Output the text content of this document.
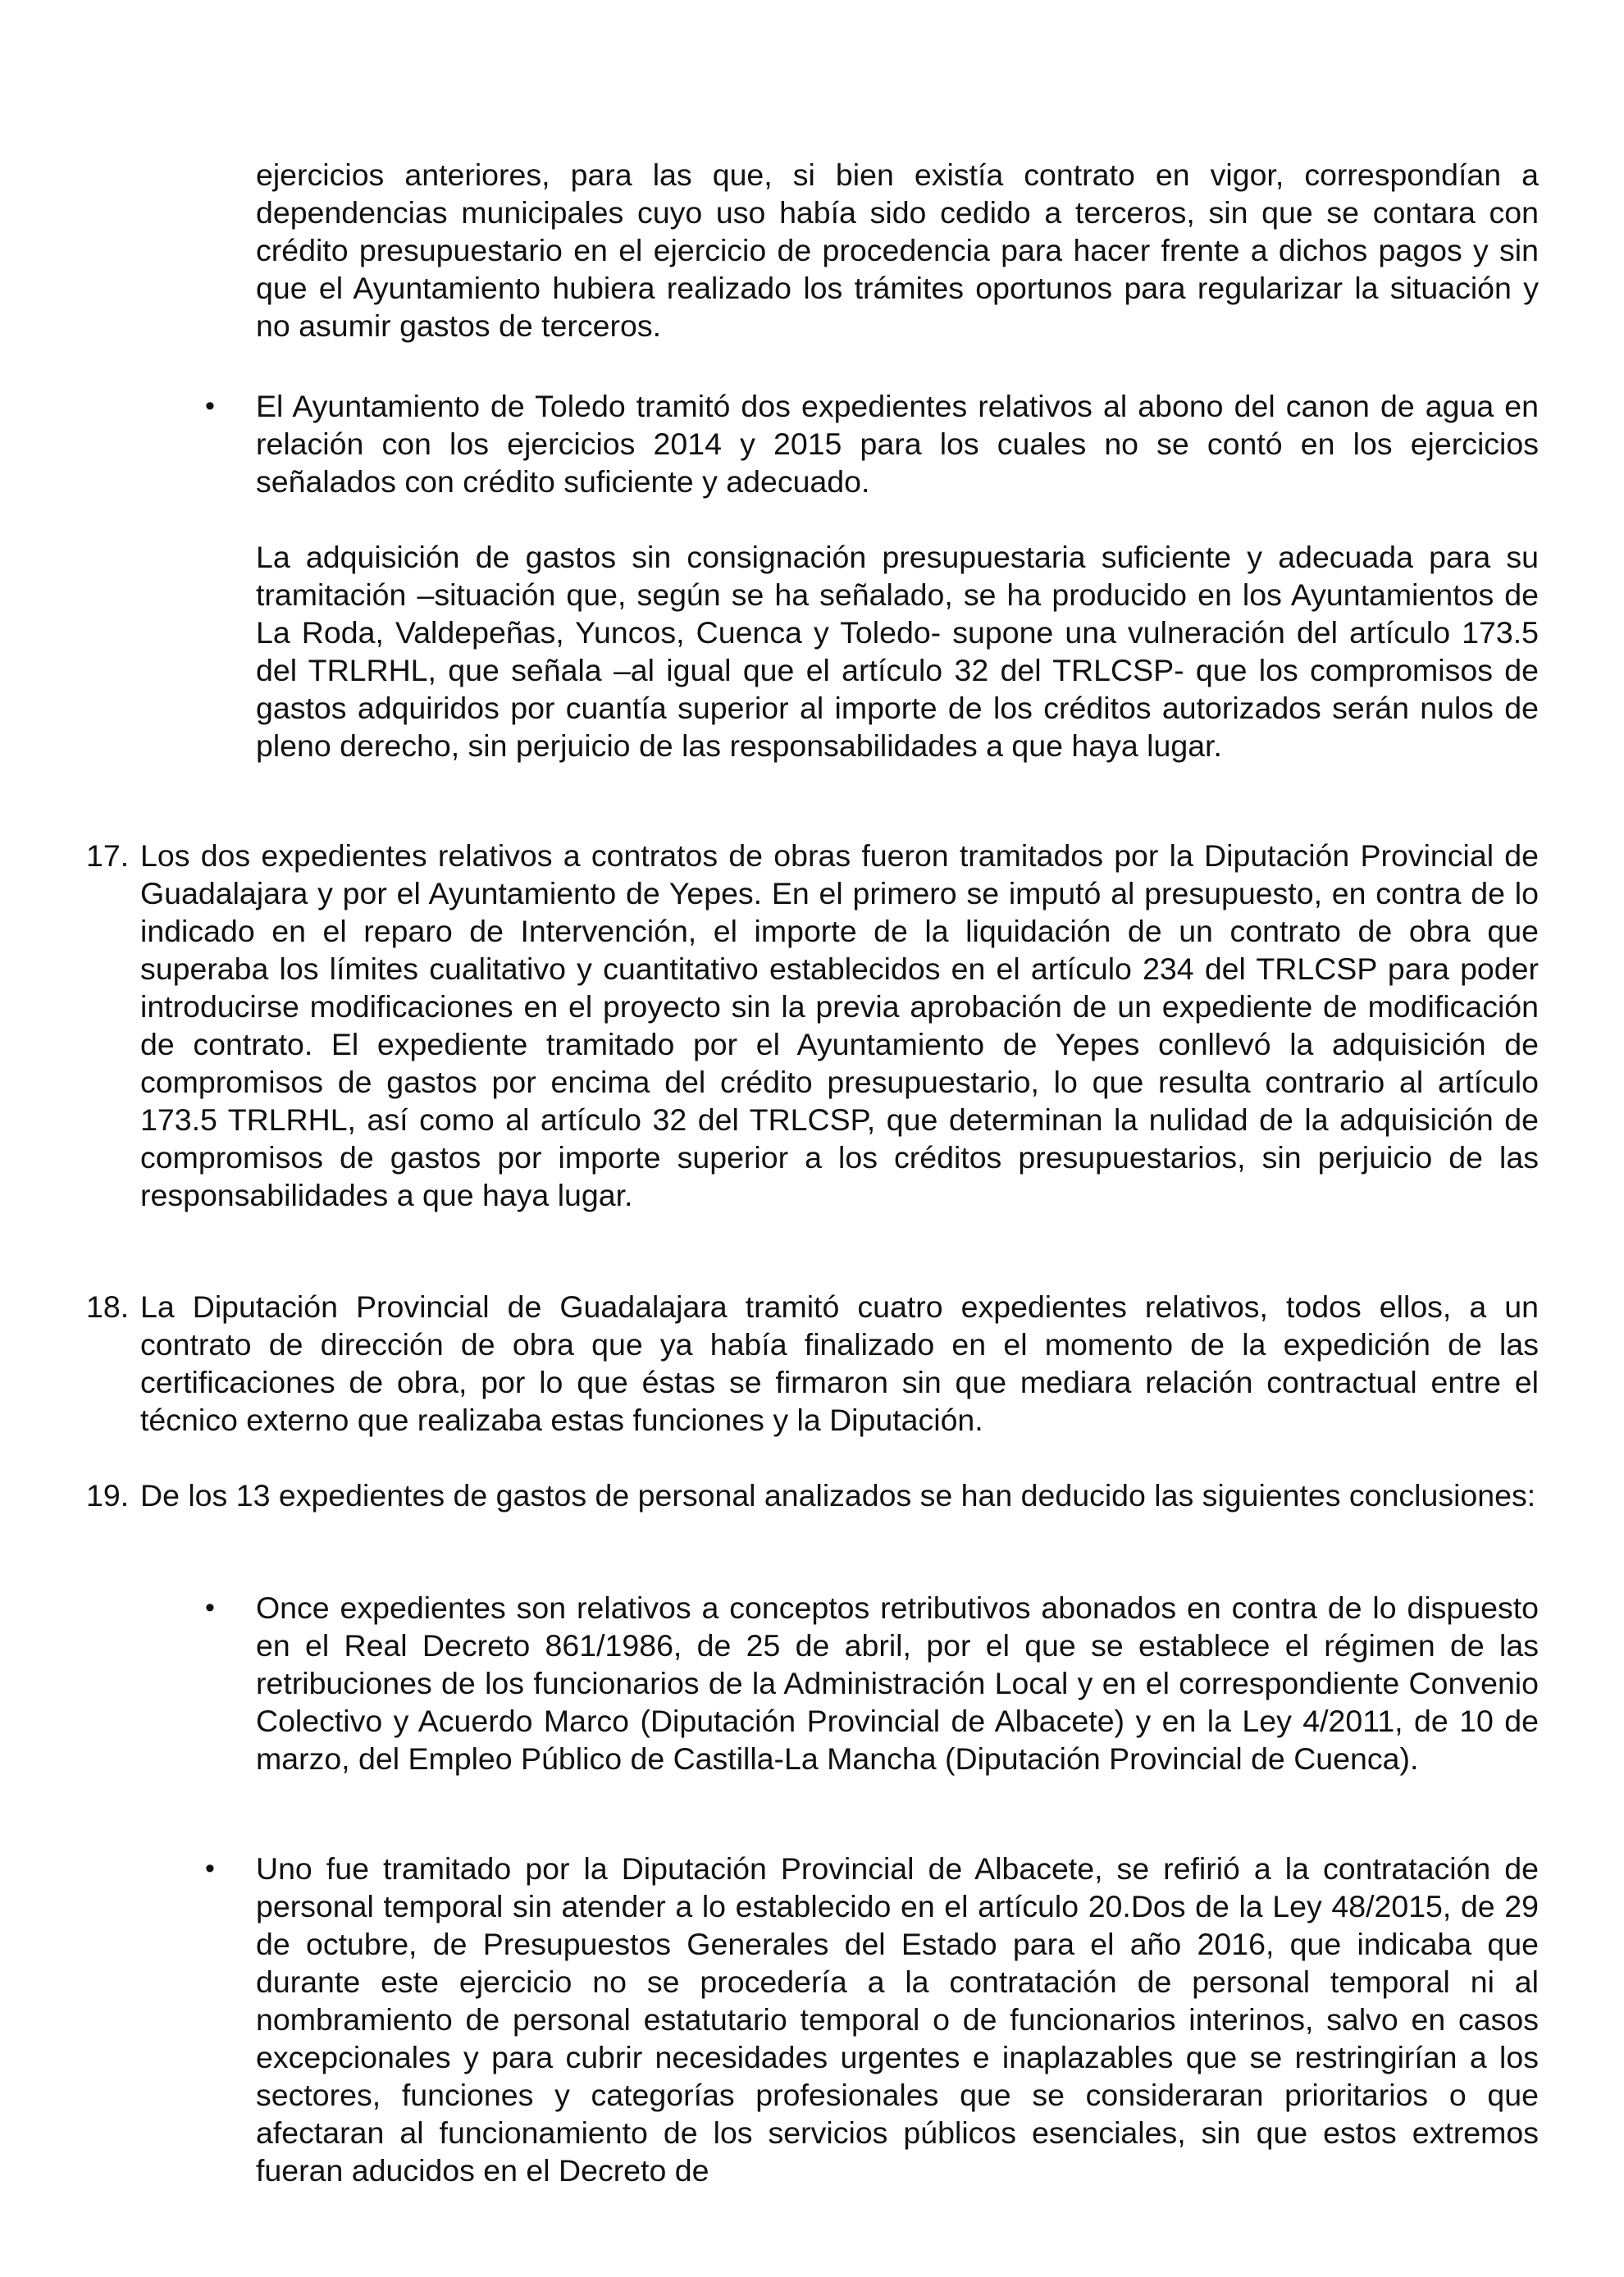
ejercicios anteriores, para las que, si bien existía contrato en vigor, correspondían a dependencias municipales cuyo uso había sido cedido a terceros, sin que se contara con crédito presupuestario en el ejercicio de procedencia para hacer frente a dichos pagos y sin que el Ayuntamiento hubiera realizado los trámites oportunos para regularizar la situación y no asumir gastos de terceros.

• El Ayuntamiento de Toledo tramitó dos expedientes relativos al abono del canon de agua en relación con los ejercicios 2014 y 2015 para los cuales no se contó en los ejercicios señalados con crédito suficiente y adecuado.

La adquisición de gastos sin consignación presupuestaria suficiente y adecuada para su tramitación –situación que, según se ha señalado, se ha producido en los Ayuntamientos de La Roda, Valdepeñas, Yuncos, Cuenca y Toledo- supone una vulneración del artículo 173.5 del TRLRHL, que señala –al igual que el artículo 32 del TRLCSP- que los compromisos de gastos adquiridos por cuantía superior al importe de los créditos autorizados serán nulos de pleno derecho, sin perjuicio de las responsabilidades a que haya lugar.

17. Los dos expedientes relativos a contratos de obras fueron tramitados por la Diputación Provincial de Guadalajara y por el Ayuntamiento de Yepes. En el primero se imputó al presupuesto, en contra de lo indicado en el reparo de Intervención, el importe de la liquidación de un contrato de obra que superaba los límites cualitativo y cuantitativo establecidos en el artículo 234 del TRLCSP para poder introducirse modificaciones en el proyecto sin la previa aprobación de un expediente de modificación de contrato. El expediente tramitado por el Ayuntamiento de Yepes conllevó la adquisición de compromisos de gastos por encima del crédito presupuestario, lo que resulta contrario al artículo 173.5 TRLRHL, así como al artículo 32 del TRLCSP, que determinan la nulidad de la adquisición de compromisos de gastos por importe superior a los créditos presupuestarios, sin perjuicio de las responsabilidades a que haya lugar.

18. La Diputación Provincial de Guadalajara tramitó cuatro expedientes relativos, todos ellos, a un contrato de dirección de obra que ya había finalizado en el momento de la expedición de las certificaciones de obra, por lo que éstas se firmaron sin que mediara relación contractual entre el técnico externo que realizaba estas funciones y la Diputación.

19. De los 13 expedientes de gastos de personal analizados se han deducido las siguientes conclusiones:

• Once expedientes son relativos a conceptos retributivos abonados en contra de lo dispuesto en el Real Decreto 861/1986, de 25 de abril, por el que se establece el régimen de las retribuciones de los funcionarios de la Administración Local y en el correspondiente Convenio Colectivo y Acuerdo Marco (Diputación Provincial de Albacete) y en la Ley 4/2011, de 10 de marzo, del Empleo Público de Castilla-La Mancha (Diputación Provincial de Cuenca).

• Uno fue tramitado por la Diputación Provincial de Albacete, se refirió a la contratación de personal temporal sin atender a lo establecido en el artículo 20.Dos de la Ley 48/2015, de 29 de octubre, de Presupuestos Generales del Estado para el año 2016, que indicaba que durante este ejercicio no se procedería a la contratación de personal temporal ni al nombramiento de personal estatutario temporal o de funcionarios interinos, salvo en casos excepcionales y para cubrir necesidades urgentes e inaplazables que se restringirían a los sectores, funciones y categorías profesionales que se consideraran prioritarios o que afectaran al funcionamiento de los servicios públicos esenciales, sin que estos extremos fueran aducidos en el Decreto de
